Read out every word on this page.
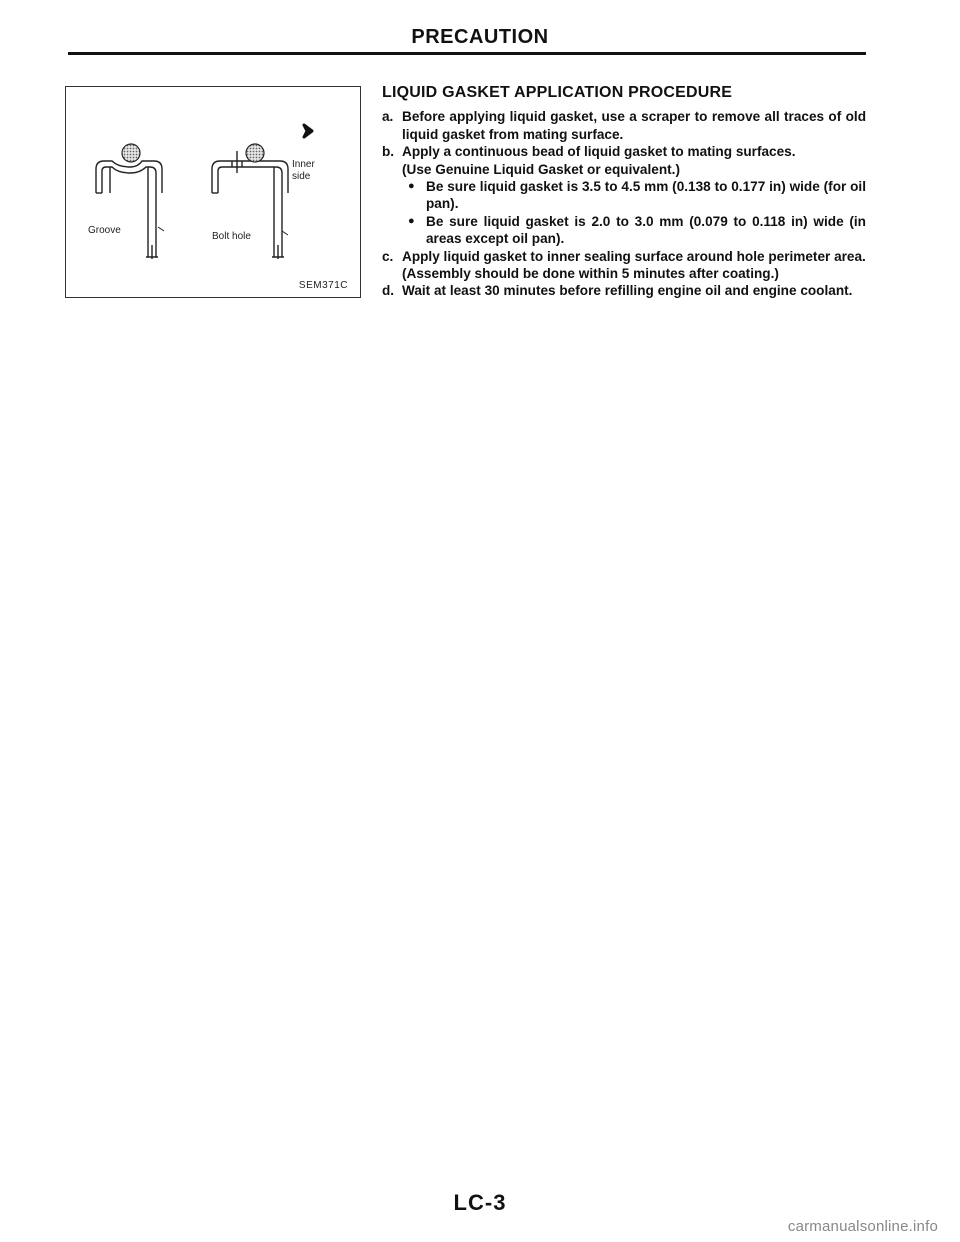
PRECAUTION
Groove
Bolt hole
Inner
side
SEM371C
LIQUID GASKET APPLICATION PROCEDURE
a. Before applying liquid gasket, use a scraper to remove all traces of old liquid gasket from mating surface.
b. Apply a continuous bead of liquid gasket to mating surfaces.
(Use Genuine Liquid Gasket or equivalent.)
● Be sure liquid gasket is 3.5 to 4.5 mm (0.138 to 0.177 in) wide (for oil pan).
● Be sure liquid gasket is 2.0 to 3.0 mm (0.079 to 0.118 in) wide (in areas except oil pan).
c. Apply liquid gasket to inner sealing surface around hole perimeter area.
(Assembly should be done within 5 minutes after coating.)
d. Wait at least 30 minutes before refilling engine oil and engine coolant.
LC-3
carmanualsonline.info
